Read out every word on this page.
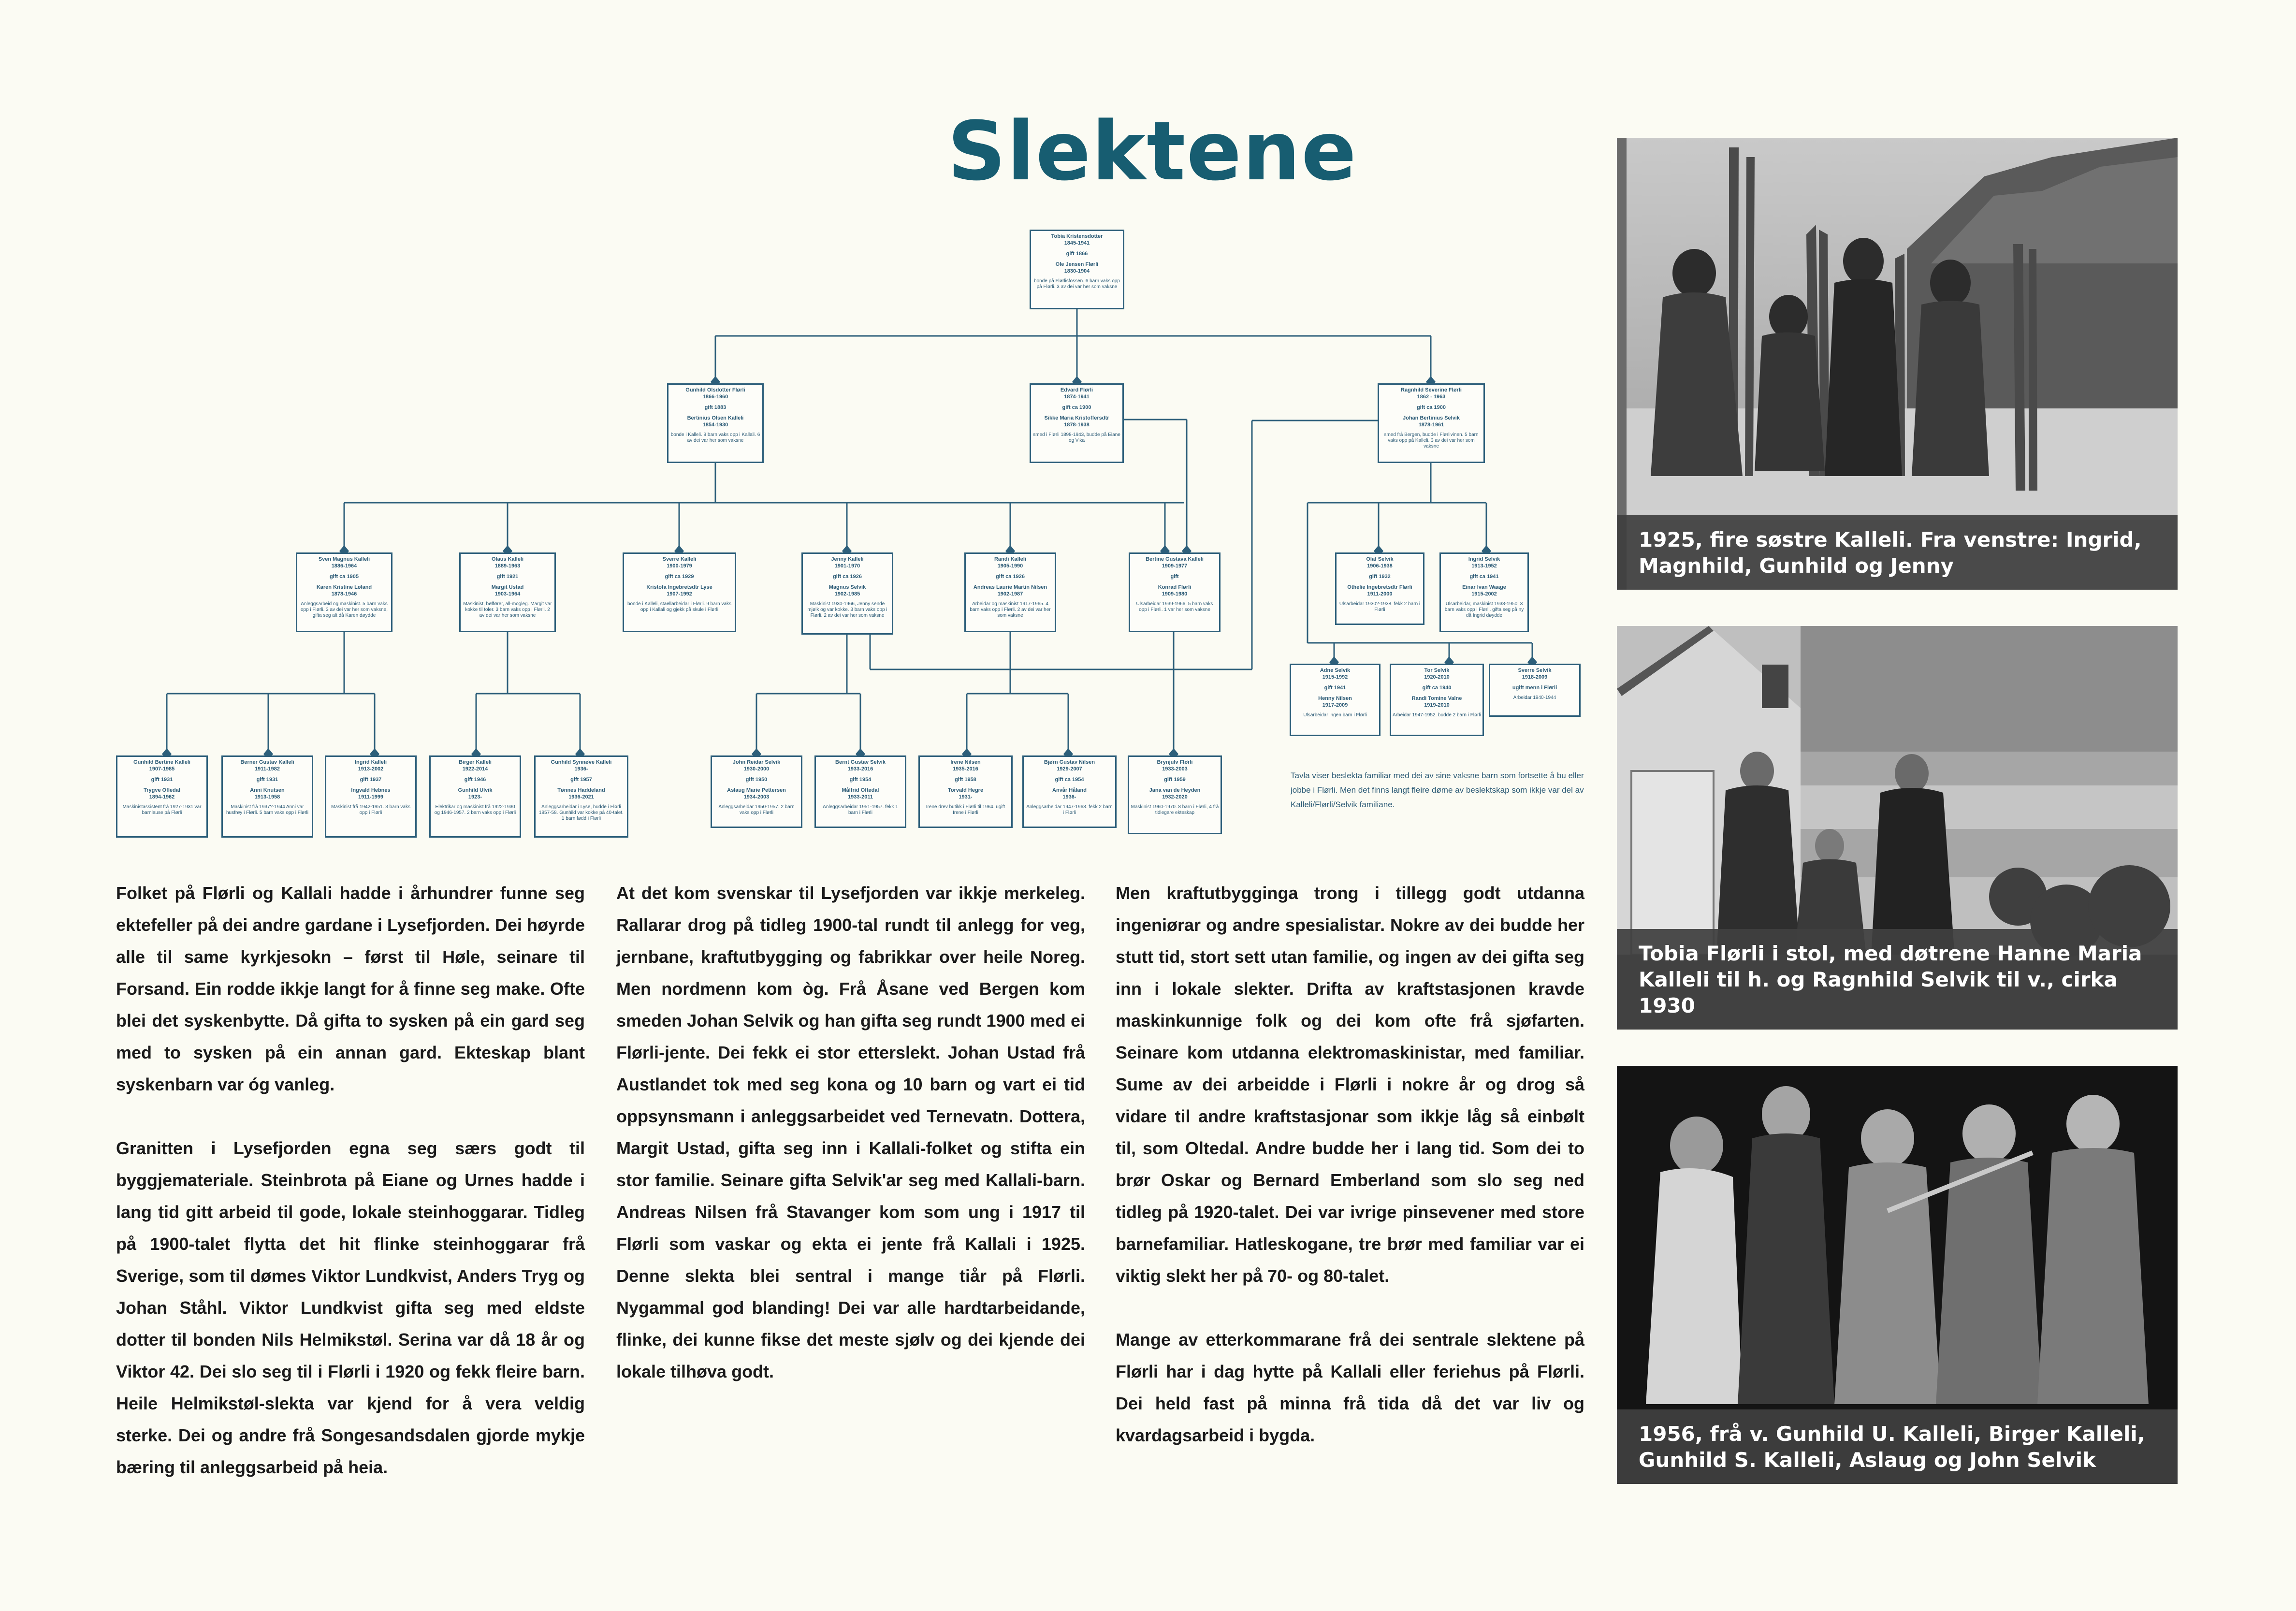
Slektene
Tobia Kristensdotter
1845-1941
gift 1866
Ole Jensen Flørli
1830-1904
bonde på Flørlisfossen. 6 barn vaks opp på Flørli. 3 av dei var her som vaksne
Gunhild Olsdotter Flørli
1866-1960
gift 1883
Bertinius Olsen Kalleli
1854-1930
bonde i Kalleli. 9 barn vaks opp i Kallali. 6 av dei var her som vaksne
Edvard Flørli
1874-1941
gift ca 1900
Sikke Maria Kristoffersdtr
1878-1938
smed i Flørli 1898-1943, budde på Eiane og Vika
Ragnhild Severine Flørli
1862 - 1963
gift ca 1900
Johan Bertinius Selvik
1878-1961
smed frå Bergen, budde i Flørlivinen. 5 barn vaks opp på Kalleli. 3 av dei var her som vaksne
Sven Magnus Kalleli
1886-1964
gift ca 1905
Karen Kristine Løland
1878-1946
Anleggsarbeid og maskinist. 5 barn vaks opp i Flørli. 3 av dei var her som vaksne, gifta seg alt då Karen døydde
Olaus Kalleli
1889-1963
gift 1921
Margit Ustad
1903-1964
Maskinist, bølfører, all-mogleg. Margit var kokke til toler. 3 barn vaks opp i Flørli. 2 av dei var her som vaksne
Sverre Kalleli
1900-1979
gift ca 1929
Kristofa Ingebretsdtr Lyse
1907-1992
bonde i Kalleli, staellarbeidar i Flørli. 9 barn vaks opp i Kallali og gjekk på skule i Flørli
Jenny Kalleli
1901-1970
gift ca 1926
Magnus Selvik
1902-1985
Maskinist 1930-1966, Jenny sende mjølk og var kokke. 3 barn vaks opp i Flørli. 2 av dei var her som vaksne
Randi Kalleli
1905-1990
gift ca 1926
Andreas Laurie Martin Nilsen
1902-1987
Arbeidar og maskinist 1917-1965. 4 barn vaks opp i Flørli. 2 av dei var her som vaksne
Bertine Gustava Kalleli
1909-1977
gift
Konrad Flørli
1909-1980
Ulsarbeidar 1939-1966. 5 barn vaks opp i Flørli. 1 var her som vaksne
Olaf Selvik
1906-1938
gift 1932
Othelie Ingebretsdtr Flørli
1911-2000
Ulsarbeidar 1930?-1938. fekk 2 barn i Flørli
Ingrid Selvik
1913-1952
gift ca 1941
Einar Ivan Waage
1915-2002
Ulsarbeidar, maskinist 1938-1950. 3 barn vaks opp i Flørli. gifta seg på ny då Ingrid døydde
Adne Selvik
1915-1992
gift 1941
Henny Nilsen
1917-2009
Ulsarbeidar ingen barn i Flørli
Tor Selvik
1920-2010
gift ca 1940
Randi Tomine Valne
1919-2010
Arbeidar 1947-1952. budde 2 barn i Flørli
Sverre Selvik
1918-2009
ugift menn i Flørli
Arbeidar 1940-1944
Gunhild Bertine Kalleli
1907-1985
gift 1931
Trygve Ofledal
1894-1962
Maskinistassistent frå 1927-1931 var barnlause på Flørli
Berner Gustav Kalleli
1911-1982
gift 1931
Anni Knutsen
1913-1958
Maskinist frå 1937?-1944 Anni var husfrøy i Flørli. 5 barn vaks opp i Flørli
Ingrid Kalleli
1913-2002
gift 1937
Ingvald Hebnes
1911-1999
Maskinist frå 1942-1951. 3 barn vaks opp i Flørli
Birger Kalleli
1922-2014
gift 1946
Gunhild Ulvik
1923-
Elektrikar og maskinist frå 1922-1930 og 1946-1957. 2 barn vaks opp i Flørli
Gunhild Synnøve Kalleli
1936-
gift 1957
Tønnes Haddeland
1936-2021
Anleggsarbeidar i Lyse, budde i Flørli 1957-58. Gunhild var kokke på 40-talet. 1 barn fødd i Flørli
John Reidar Selvik
1930-2000
gift 1950
Aslaug Marie Pettersen
1934-2003
Anleggsarbeidar 1950-1957. 2 barn vaks opp i Flørli
Bernt Gustav Selvik
1933-2016
gift 1954
Målfrid Oftedal
1933-2011
Anleggsarbeidar 1951-1957. fekk 1 barn i Flørli
Irene Nilsen
1935-2016
gift 1958
Torvald Hegre
1931-
Irene drev butikk i Flørli til 1964. ugift Irene i Flørli
Bjørn Gustav Nilsen
1929-2007
gift ca 1954
Anvår Håland
1936-
Anleggsarbeidar 1947-1963. fekk 2 barn i Flørli
Brynjulv Flørli
1933-2003
gift 1959
Jana van de Heyden
1932-2020
Maskinist 1960-1970. 8 barn i Flørli, 4 frå tidlegare ekteskap
Tavla viser beslekta familiar med dei av sine vaksne barn som fortsette å bu eller jobbe i Flørli. Men det finns langt fleire døme av beslektskap som ikkje var del av Kalleli/Flørli/Selvik familiane.

Folket på Flørli og Kallali hadde i århundrer funne seg ektefeller på dei andre gardane i Lysefjorden. Dei høyrde alle til same kyrkjesokn – først til Høle, seinare til Forsand. Ein rodde ikkje langt for å finne seg make. Ofte blei det syskenbytte. Då gifta to sysken på ein gard seg med to sysken på ein annan gard. Ekteskap blant syskenbarn var óg vanleg.

Granitten i Lysefjorden egna seg særs godt til byggjemateriale. Steinbrota på Eiane og Urnes hadde i lang tid gitt arbeid til gode, lokale steinhoggarar. Tidleg på 1900-talet flytta det hit flinke steinhoggarar frå Sverige, som til dømes Viktor Lundkvist, Anders Tryg og Johan Ståhl. Viktor Lundkvist gifta seg med eldste dotter til bonden Nils Helmikstøl. Serina var då 18 år og Viktor 42. Dei slo seg til i Flørli i 1920 og fekk fleire barn. Heile Helmikstøl-slekta var kjend for å vera veldig sterke. Dei og andre frå Songesandsdalen gjorde mykje bæring til anleggsarbeid på heia.

At det kom svenskar til Lysefjorden var ikkje merkeleg. Rallarar drog på tidleg 1900-tal rundt til anlegg for veg, jernbane, kraftutbygging og fabrikkar over heile Noreg. Men nordmenn kom òg. Frå Åsane ved Bergen kom smeden Johan Selvik og han gifta seg rundt 1900 med ei Flørli-jente. Dei fekk ei stor etterslekt. Johan Ustad frå Austlandet tok med seg kona og 10 barn og vart ei tid oppsynsmann i anleggsarbeidet ved Ternevatn. Dottera, Margit Ustad, gifta seg inn i Kallali-folket og stifta ein stor familie. Seinare gifta Selvik'ar seg med Kallali-barn. Andreas Nilsen frå Stavanger kom som ung i 1917 til Flørli som vaskar og ekta ei jente frå Kallali i 1925. Denne slekta blei sentral i mange tiår på Flørli. Nygammal god blanding! Dei var alle hardtarbeidande, flinke, dei kunne fikse det meste sjølv og dei kjende dei lokale tilhøva godt.

Men kraftutbygginga trong i tillegg godt utdanna ingeniørar og andre spesialistar. Nokre av dei budde her stutt tid, stort sett utan familie, og ingen av dei gifta seg inn i lokale slekter. Drifta av kraftstasjonen kravde maskinkunnige folk og dei kom ofte frå sjøfarten. Seinare kom utdanna elektromaskinistar, med familiar. Sume av dei arbeidde i Flørli i nokre år og drog så vidare til andre kraftstasjonar som ikkje låg så einbølt til, som Oltedal. Andre budde her i lang tid. Som dei to brør Oskar og Bernard Emberland som slo seg ned tidleg på 1920-talet. Dei var ivrige pinsevener med store barnefamiliar. Hatleskogane, tre brør med familiar var ei viktig slekt her på 70- og 80-talet.

Mange av etterkommarane frå dei sentrale slektene på Flørli har i dag hytte på Kallali eller feriehus på Flørli. Dei held fast på minna frå tida då det var liv og kvardagsarbeid i bygda.

1925, fire søstre Kalleli. Fra venstre: Ingrid, Magnhild, Gunhild og Jenny
Tobia Flørli i stol, med døtrene Hanne Maria Kalleli til h. og Ragnhild Selvik til v., cirka 1930
1956, frå v. Gunhild U. Kalleli, Birger Kalleli, Gunhild S. Kalleli, Aslaug og John Selvik
